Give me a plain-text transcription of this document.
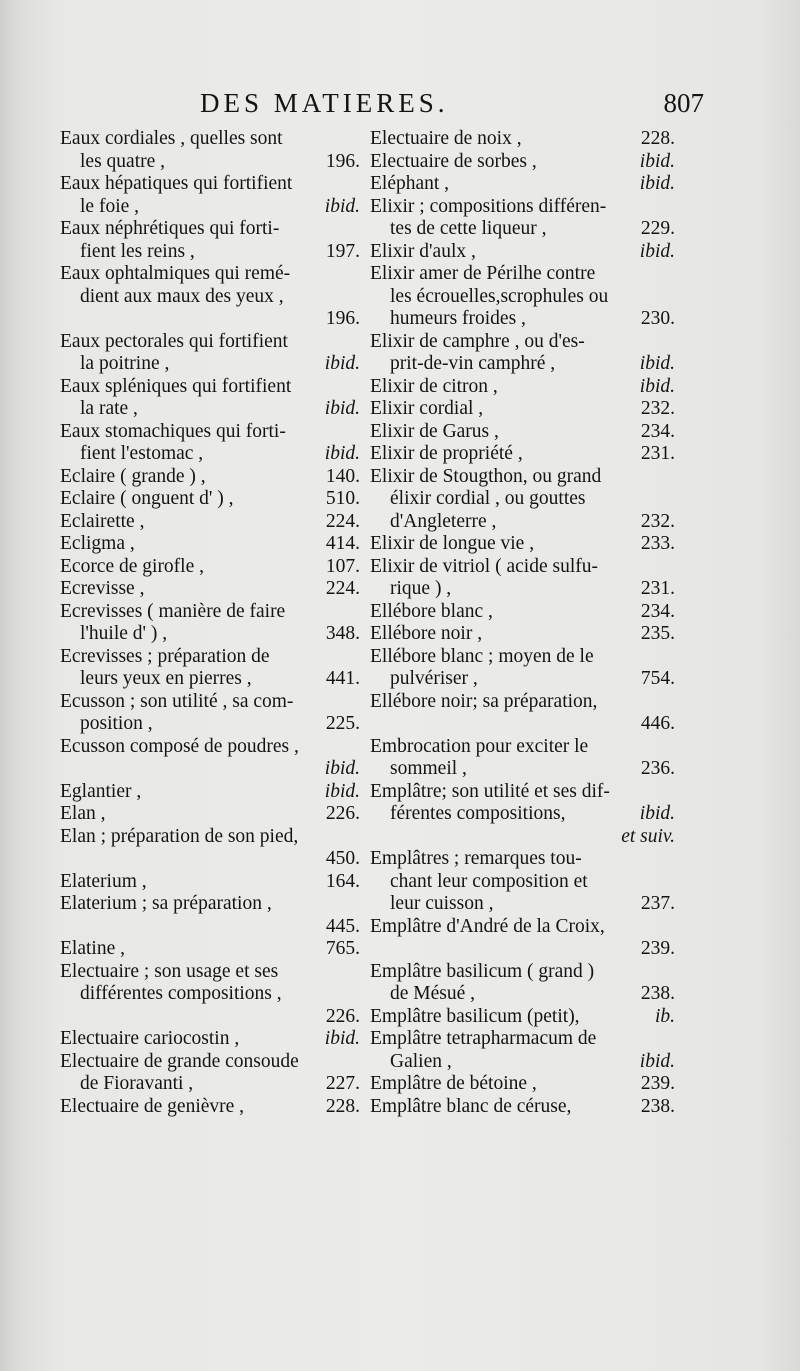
DES MATIERES.	807
Eaux cordiales , quelles sont
les quatre ,	196.
Eaux hépatiques qui fortifient
le foie ,	ibid.
Eaux néphrétiques qui forti-
fient les reins ,	197.
Eaux ophtalmiques qui remé-
dient aux maux des yeux ,
196.
Eaux pectorales qui fortifient
la poitrine ,	ibid.
Eaux spléniques qui fortifient
la rate ,	ibid.
Eaux stomachiques qui forti-
fient l'estomac ,	ibid.
Eclaire ( grande ) ,	140.
Eclaire ( onguent d' ) ,	510.
Eclairette ,	224.
Ecligma ,	414.
Ecorce de girofle ,	107.
Ecrevisse ,	224.
Ecrevisses ( manière de faire
l'huile d' ) ,	348.
Ecrevisses ; préparation de
leurs yeux en pierres ,	441.
Ecusson ; son utilité , sa com-
position ,	225.
Ecusson composé de poudres ,
ibid.
Eglantier ,	ibid.
Elan ,	226.
Elan ; préparation de son pied,
450.
Elaterium ,	164.
Elaterium ; sa préparation ,
445.
Elatine ,	765.
Electuaire ; son usage et ses
différentes compositions ,
226.
Electuaire cariocostin ,	ibid.
Electuaire de grande consoude
de Fioravanti ,	227.
Electuaire de genièvre ,	228.
Electuaire de noix ,	228.
Electuaire de sorbes ,	ibid.
Eléphant ,	ibid.
Elixir ; compositions différen-
tes de cette liqueur ,	229.
Elixir d'aulx ,	ibid.
Elixir amer de Périlhe contre
les écrouelles,scrophules ou
humeurs froides ,	230.
Elixir de camphre , ou d'es-
prit-de-vin camphré ,	ibid.
Elixir de citron ,	ibid.
Elixir cordial ,	232.
Elixir de Garus ,	234.
Elixir de propriété ,	231.
Elixir de Stougthon, ou grand
élixir cordial , ou gouttes
d'Angleterre ,	232.
Elixir de longue vie ,	233.
Elixir de vitriol ( acide sulfu-
rique ) ,	231.
Ellébore blanc ,	234.
Ellébore noir ,	235.
Ellébore blanc ; moyen de le
pulvériser ,	754.
Ellébore noir; sa préparation,
446.
Embrocation pour exciter le
sommeil ,	236.
Emplâtre; son utilité et ses dif-
férentes compositions,	ibid.
et suiv.
Emplâtres ; remarques tou-
chant leur composition et
leur cuisson ,	237.
Emplâtre d'André de la Croix,
239.
Emplâtre basilicum ( grand )
de Mésué ,	238.
Emplâtre basilicum (petit),	ib.
Emplâtre tetrapharmacum de
Galien ,	ibid.
Emplâtre de bétoine ,	239.
Emplâtre blanc de céruse,	238.
